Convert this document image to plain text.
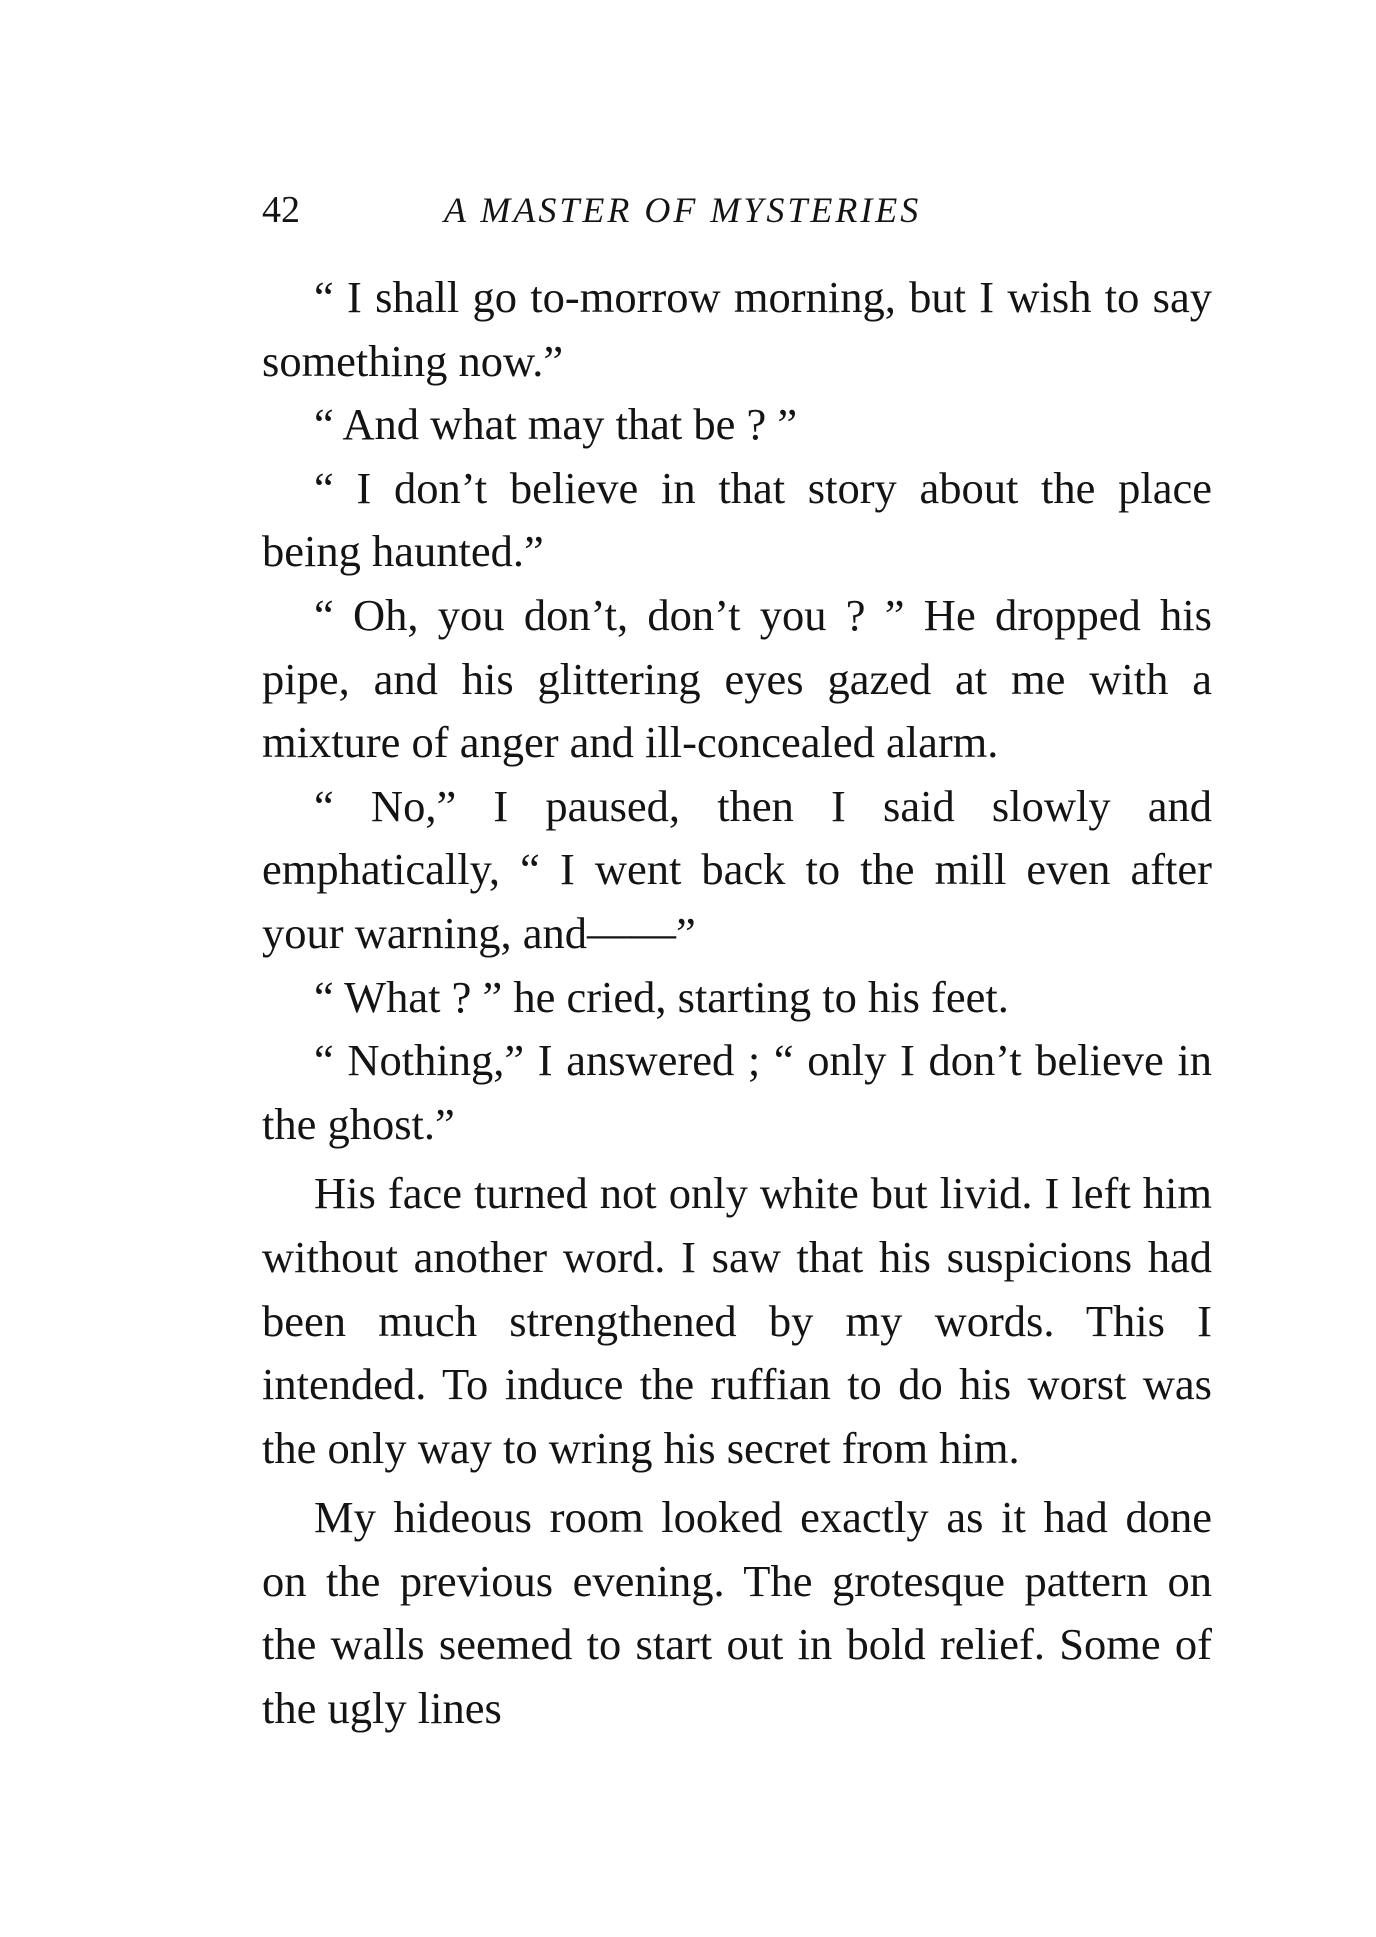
42	A MASTER OF MYSTERIES

“ I shall go to-morrow morning, but I wish to say something now.”

“ And what may that be ? ”

“ I don’t believe in that story about the place being haunted.”

“ Oh, you don’t, don’t you ? ” He dropped his pipe, and his glittering eyes gazed at me with a mixture of anger and ill-concealed alarm.

“ No,” I paused, then I said slowly and emphatically, “ I went back to the mill even after your warning, and——”

“ What ? ” he cried, starting to his feet.

“ Nothing,” I answered ; “ only I don’t believe in the ghost.”

His face turned not only white but livid. I left him without another word. I saw that his suspicions had been much strengthened by my words. This I intended. To induce the ruffian to do his worst was the only way to wring his secret from him.

My hideous room looked exactly as it had done on the previous evening. The grotesque pattern on the walls seemed to start out in bold relief. Some of the ugly lines
